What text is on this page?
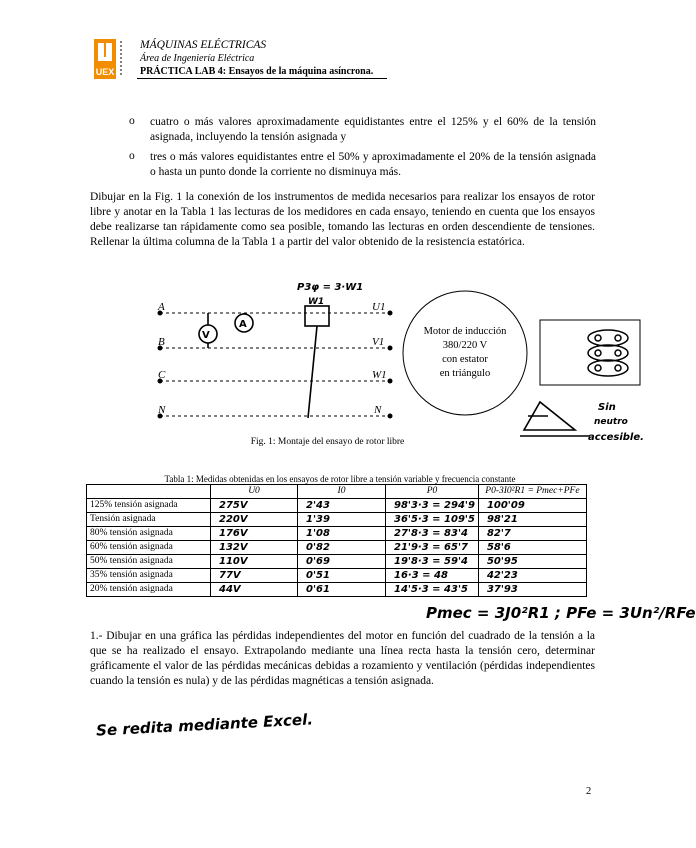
UEX
MÁQUINAS ELÉCTRICAS
Área de Ingeniería Eléctrica
PRÁCTICA LAB 4: Ensayos de la máquina asíncrona.
o cuatro o más valores aproximadamente equidistantes entre el 125% y el 60% de la tensión asignada, incluyendo la tensión asignada y
o tres o más valores equidistantes entre el 50% y aproximadamente el 20% de la tensión asignada o hasta un punto donde la corriente no disminuya más.
Dibujar en la Fig. 1 la conexión de los instrumentos de medida necesarios para realizar los ensayos de rotor libre y anotar en la Tabla 1 las lecturas de los medidores en cada ensayo, teniendo en cuenta que los ensayos debe realizarse tan rápidamente como sea posible, tomando las lecturas en orden descendiente de tensiones. Rellenar la última columna de la Tabla 1 a partir del valor obtenido de la resistencia estatórica.
A
B
C
N
U1
V1
W1
N
V
A
W1
P3φ = 3·W1
Motor de inducción
380/220 V
con estator
en triángulo
Sin
neutro
accesible.
Fig. 1: Montaje del ensayo de rotor libre
Tabla 1: Medidas obtenidas en los ensayos de rotor libre a tensión variable y frecuencia constante
	U0	I0	P0	P0-3I0²R1 = Pmec+PFe
125% tensión asignada	275V	2'43	98'3·3 = 294'9	100'09
Tensión asignada	220V	1'39	36'5·3 = 109'5	98'21
80% tensión asignada	176V	1'08	27'8·3 = 83'4	82'7
60% tensión asignada	132V	0'82	21'9·3 = 65'7	58'6
50% tensión asignada	110V	0'69	19'8·3 = 59'4	50'95
35% tensión asignada	77V	0'51	16·3 = 48	42'23
20% tensión asignada	44V	0'61	14'5·3 = 43'5	37'93
Pmec = 3J0²R1 ; PFe = 3Un²/RFe
1.- Dibujar en una gráfica las pérdidas independientes del motor en función del cuadrado de la tensión a la que se ha realizado el ensayo. Extrapolando mediante una línea recta hasta la tensión cero, determinar gráficamente el valor de las pérdidas mecánicas debidas a rozamiento y ventilación (pérdidas independientes cuando la tensión es nula) y de las pérdidas magnéticas a tensión asignada.
Se redita mediante Excel.
2
